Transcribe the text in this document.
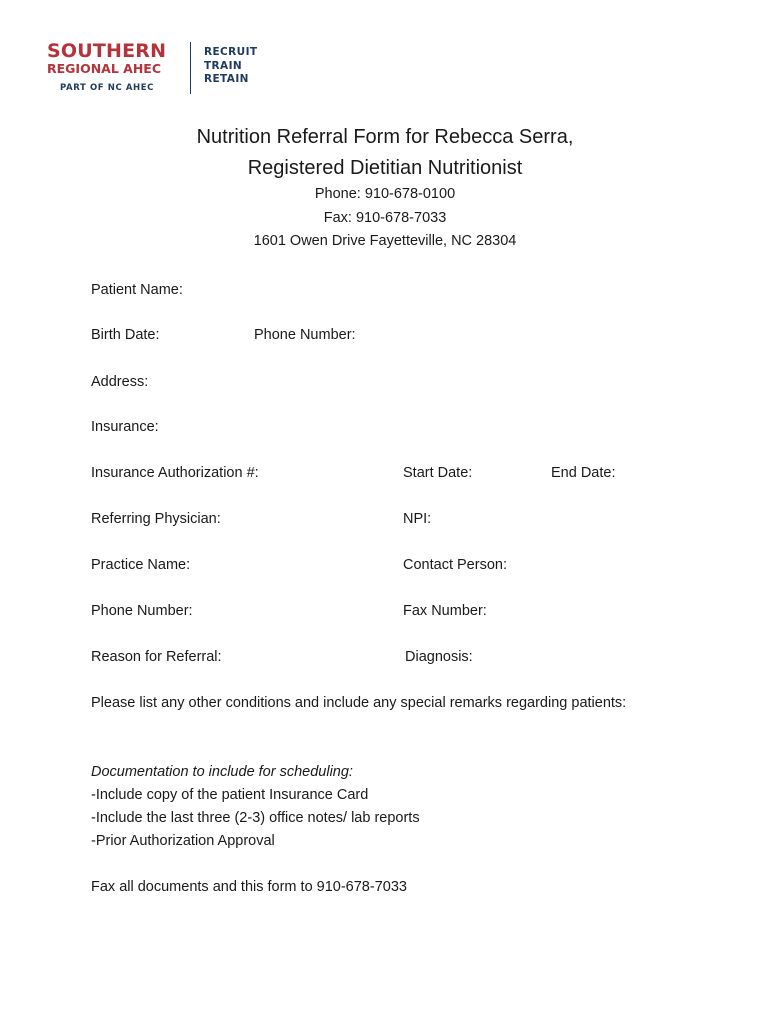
SOUTHERN
REGIONAL AHEC
PART OF NC AHEC
RECRUIT
TRAIN
RETAIN
Nutrition Referral Form for Rebecca Serra,
Registered Dietitian Nutritionist
Phone: 910-678-0100
Fax: 910-678-7033
1601 Owen Drive Fayetteville, NC 28304
Patient Name:
Birth Date:	Phone Number:
Address:
Insurance:
Insurance Authorization #:	Start Date:	End Date:
Referring Physician:	NPI:
Practice Name:	Contact Person:
Phone Number:	Fax Number:
Reason for Referral:	Diagnosis:
Please list any other conditions and include any special remarks regarding patients:
Documentation to include for scheduling:
-Include copy of the patient Insurance Card
-Include the last three (2-3) office notes/ lab reports
-Prior Authorization Approval
Fax all documents and this form to 910-678-7033
